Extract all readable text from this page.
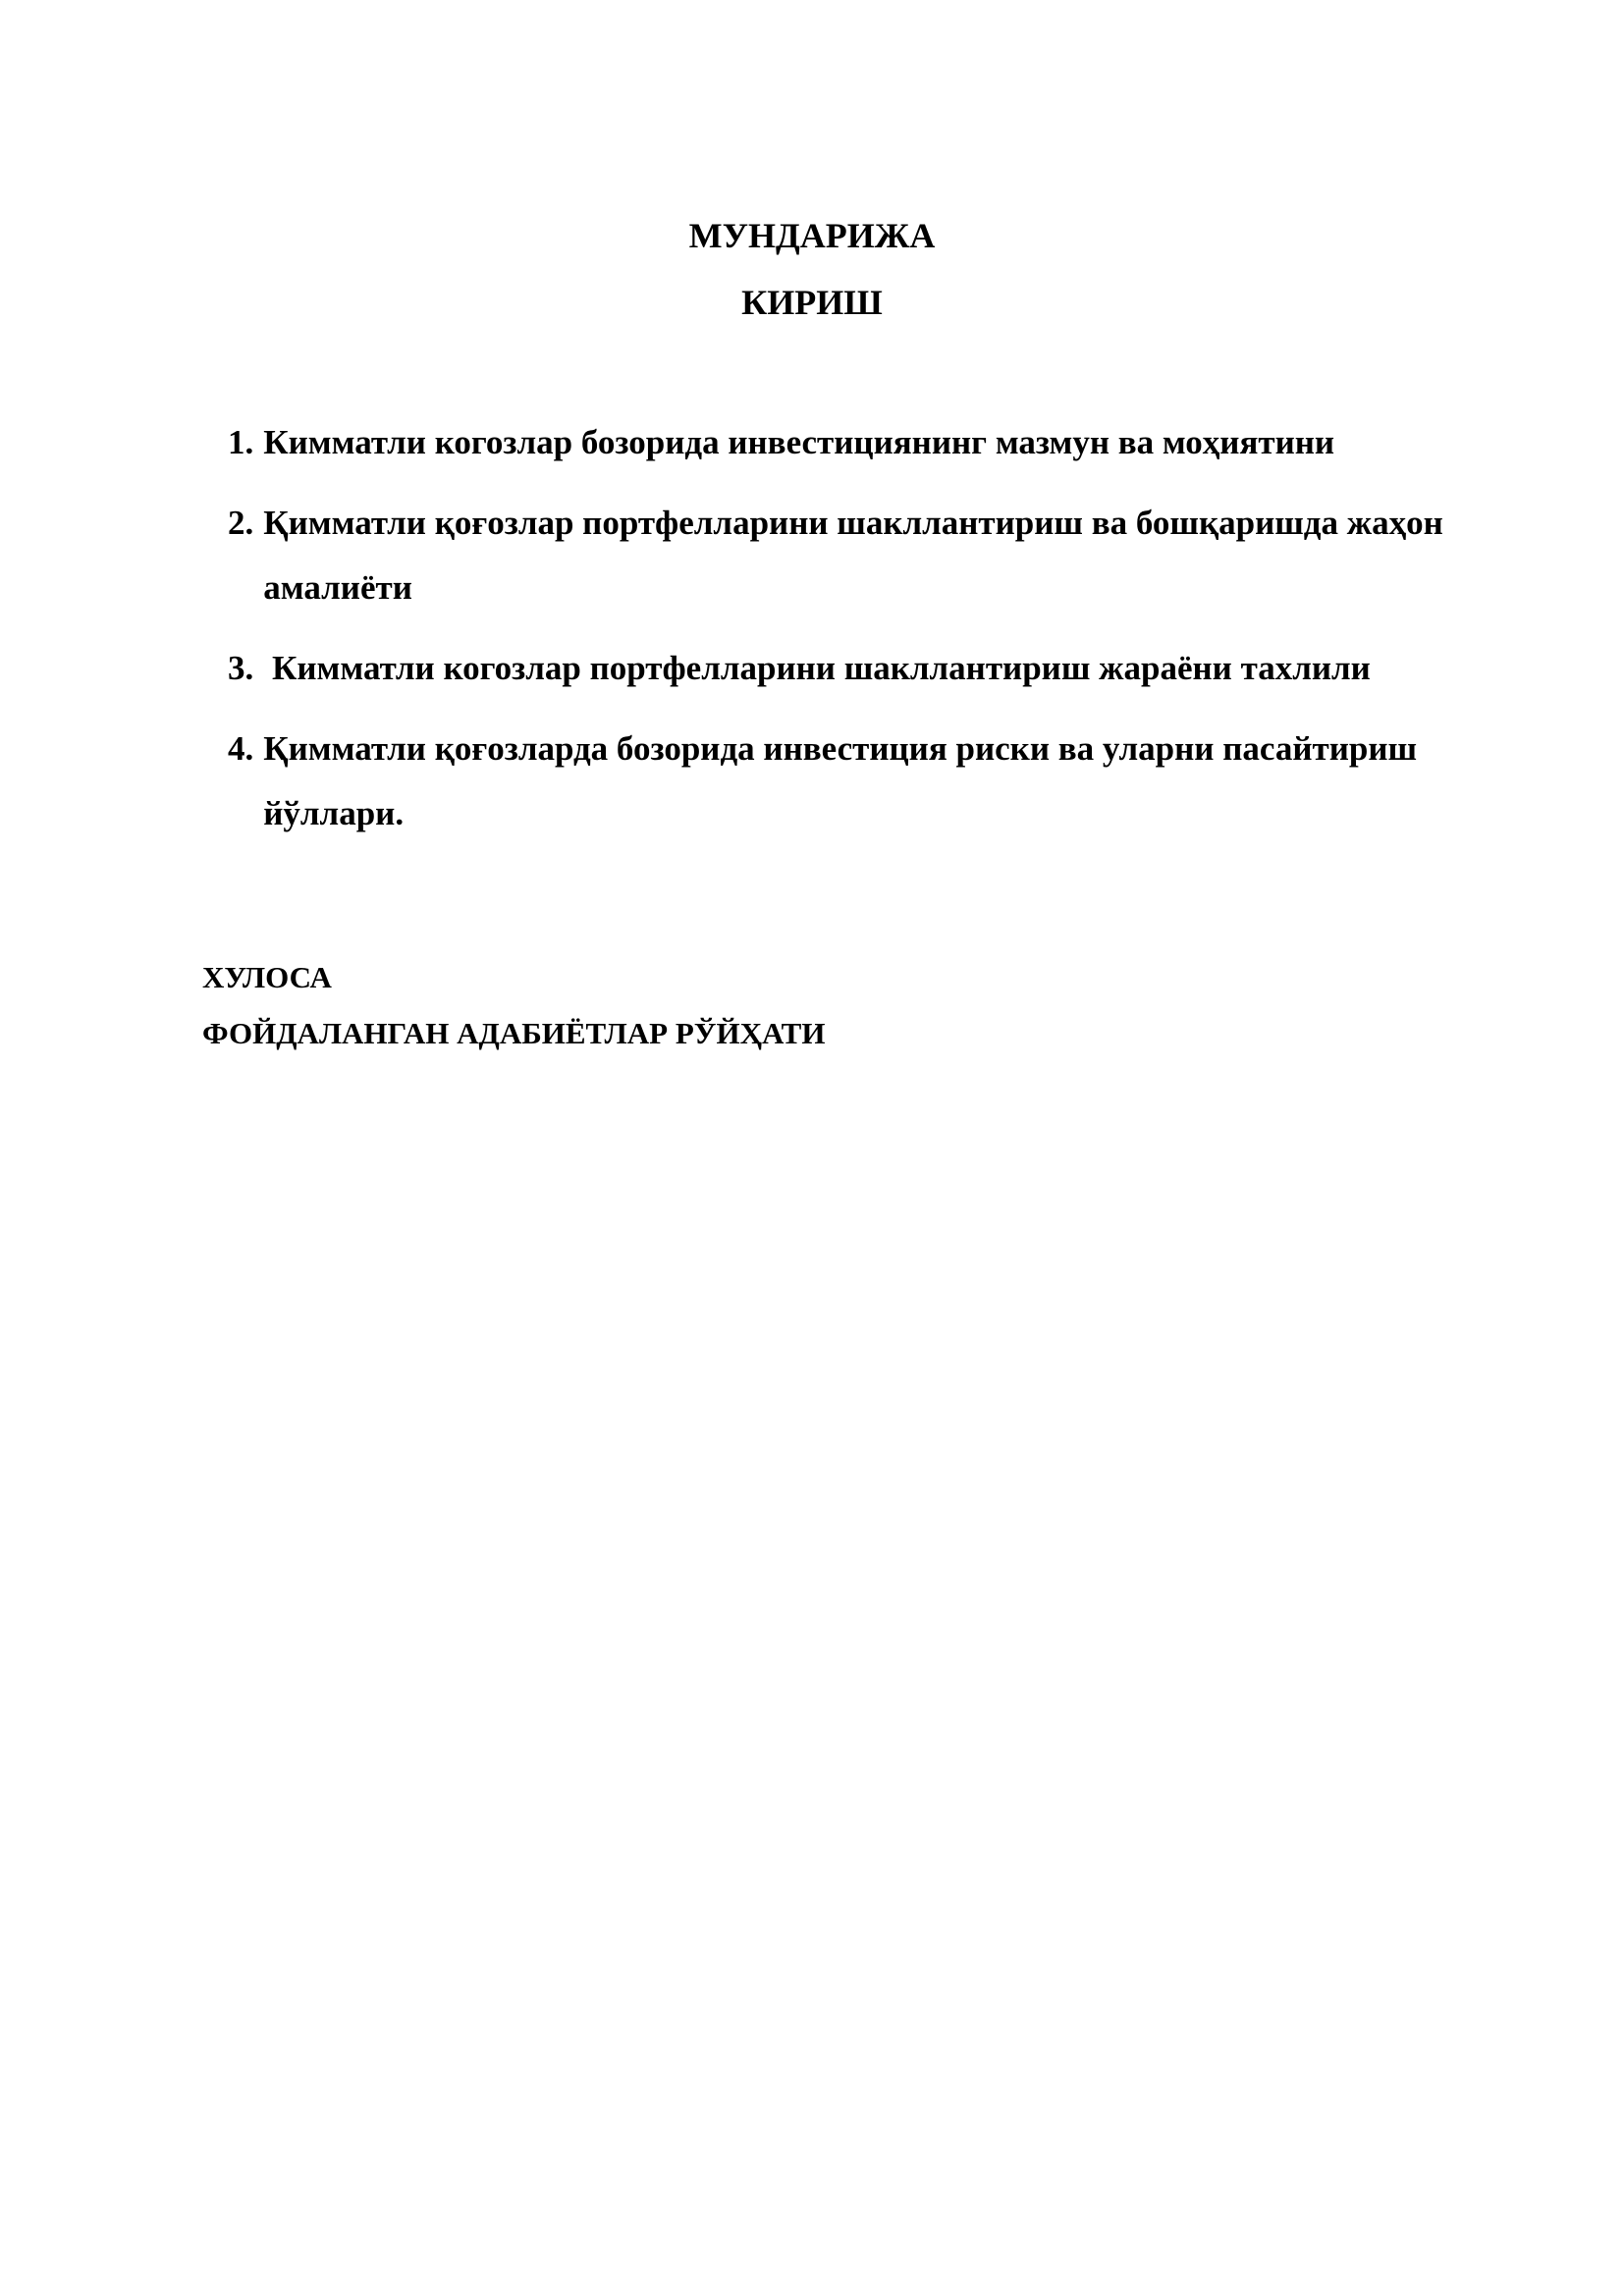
МУНДАРИЖА
КИРИШ
1. Кимматли когозлар бозорида инвестициянинг мазмун ва моҳиятини
2. Қимматли қоғозлар портфелларини шакллантириш ва бошқаришда жаҳон амалиёти
3. Кимматли когозлар портфелларини шакллантириш жараёни тахлили
4. Қимматли қоғозларда бозорида инвестиция риски ва уларни пасайтириш йўллари.

ХУЛОСА

ФОЙДАЛАНГАН АДАБИЁТЛАР РЎЙҲАТИ
